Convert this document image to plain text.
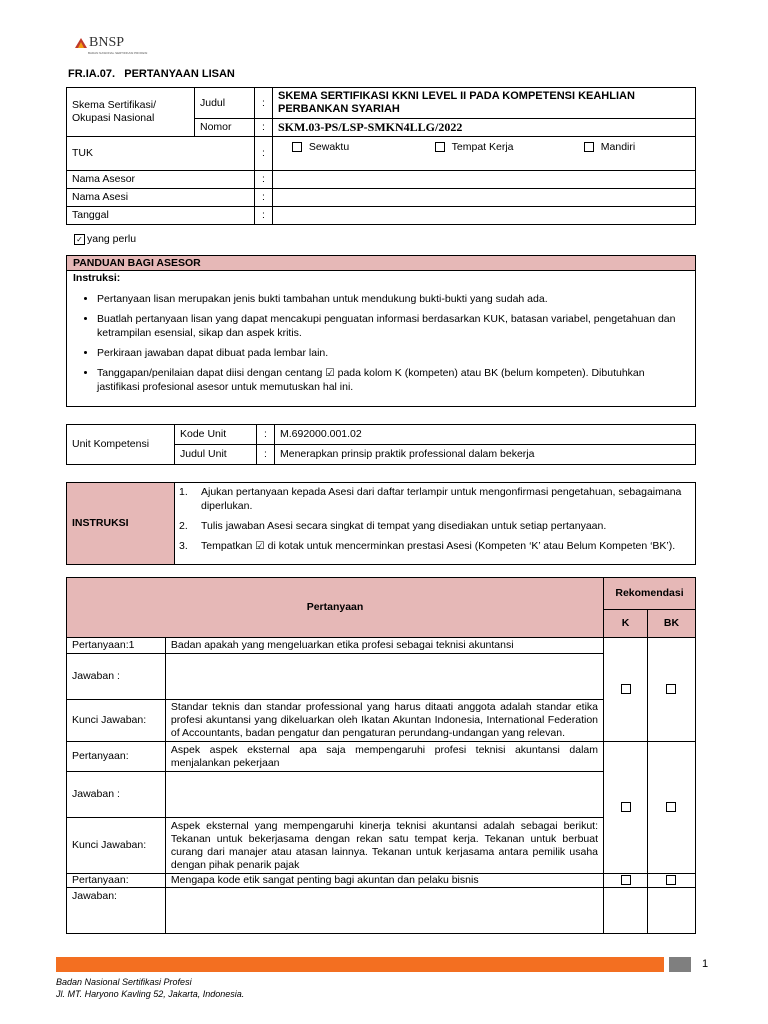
BNSP
BADAN NASIONAL SERTIFIKASI PROFESI
FR.IA.07. PERTANYAAN LISAN
Skema Sertifikasi/ Okupasi Nasional	Judul	:	SKEMA SERTIFIKASI KKNI LEVEL II PADA KOMPETENSI KEAHLIAN PERBANKAN SYARIAH
	Nomor	:	SKM.03-PS/LSP-SMKN4LLG/2022
TUK		:	Sewaktu Tempat Kerja Mandiri
Nama Asesor		:	
Nama Asesi		:	
Tanggal		:	
✓ yang perlu
PANDUAN BAGI ASESOR
Instruksi:
• Pertanyaan lisan merupakan jenis bukti tambahan untuk mendukung bukti-bukti yang sudah ada.
• Buatlah pertanyaan lisan yang dapat mencakupi penguatan informasi berdasarkan KUK, batasan variabel, pengetahuan dan ketrampilan esensial, sikap dan aspek kritis.
• Perkiraan jawaban dapat dibuat pada lembar lain.
• Tanggapan/penilaian dapat diisi dengan centang ☑ pada kolom K (kompeten) atau BK (belum kompeten). Dibutuhkan jastifikasi profesional asesor untuk memutuskan hal ini.
Unit Kompetensi	Kode Unit	:	M.692000.001.02
	Judul Unit	:	Menerapkan prinsip praktik professional dalam bekerja
INSTRUKSI	
1.	Ajukan pertanyaan kepada Asesi dari daftar terlampir untuk mengonfirmasi pengetahuan, sebagaimana diperlukan.
2.	Tulis jawaban Asesi secara singkat di tempat yang disediakan untuk setiap pertanyaan.
3.	Tempatkan ☑ di kotak untuk mencerminkan prestasi Asesi (Kompeten ‘K’ atau Belum Kompeten ‘BK’).
Pertanyaan		Rekomendasi	
		K	BK
Pertanyaan:1	Badan apakah yang mengeluarkan etika profesi sebagai teknisi akuntansi		
Jawaban :			
Kunci Jawaban:	Standar teknis dan standar professional yang harus ditaati anggota adalah standar etika profesi akuntansi yang dikeluarkan oleh Ikatan Akuntan Indonesia, International Federation of Accountants, badan pengatur dan pengaturan perundang-undangan yang relevan.		
Pertanyaan:	Aspek aspek eksternal apa saja mempengaruhi profesi teknisi akuntansi dalam menjalankan pekerjaan		
Jawaban :			
Kunci Jawaban:	Aspek eksternal yang mempengaruhi kinerja teknisi akuntansi adalah sebagai berikut: Tekanan untuk bekerjasama dengan rekan satu tempat kerja. Tekanan untuk berbuat curang dari manajer atau atasan lainnya. Tekanan untuk kerjasama antara pemilik usaha dengan pihak penarik pajak		
Pertanyaan:	Mengapa kode etik sangat penting bagi akuntan dan pelaku bisnis		
Jawaban:			
1
Badan Nasional Sertifikasi Profesi
Jl. MT. Haryono Kavling 52, Jakarta, Indonesia.
